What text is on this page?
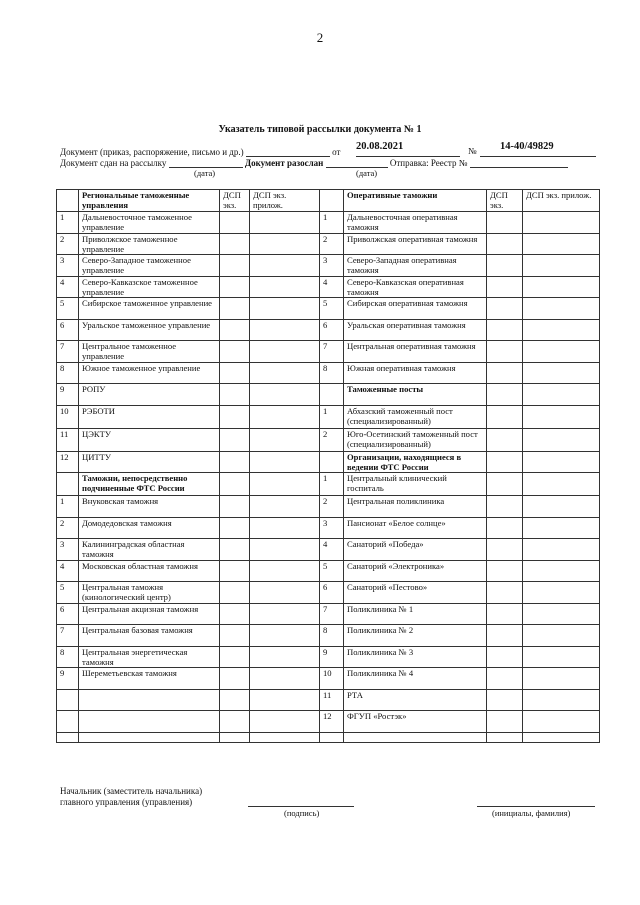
2
Указатель типовой рассылки документа № 1
Документ (приказ, распоряжение, письмо и др.)	от 20.08.2021	№ 14-40/49829
Документ сдан на рассылку	Документ разослан	Отправка: Реестр №
(дата)	(дата)
	Региональные таможенные управления	ДСП экз.	ДСП экз. прилож.		Оперативные таможни	ДСП экз.	ДСП экз. прилож.
1	Дальневосточное таможенное управление			1	Дальневосточная оперативная таможня		
2	Приволжское таможенное управление			2	Приволжская оперативная таможня		
3	Северо-Западное таможенное управление			3	Северо-Западная оперативная таможня		
4	Северо-Кавказское таможенное управление			4	Северо-Кавказская оперативная таможня		
5	Сибирское таможенное управление			5	Сибирская оперативная таможня		
6	Уральское таможенное управление			6	Уральская оперативная таможня		
7	Центральное таможенное управление			7	Центральная оперативная таможня		
8	Южное таможенное управление			8	Южная оперативная таможня		
9	РОПУ				Таможенные посты		
10	РЭБОТИ			1	Абхазский таможенный пост (специализированный)		
11	ЦЭКТУ			2	Юго-Осетинский таможенный пост (специализированный)		
12	ЦИТТУ				Организации, находящиеся в ведении ФТС России		
	Таможни, непосредственно подчиненные ФТС России			1	Центральный клинический госпиталь		
1	Внуковская таможня			2	Центральная поликлиника		
2	Домодедовская таможня			3	Пансионат «Белое солнце»		
3	Калининградская областная таможня			4	Санаторий «Победа»		
4	Московская областная таможня			5	Санаторий «Электроника»		
5	Центральная таможня (кинологический центр)			6	Санаторий «Пестово»		
6	Центральная акцизная таможня			7	Поликлиника № 1		
7	Центральная базовая таможня			8	Поликлиника № 2		
8	Центральная энергетическая таможня			9	Поликлиника № 3		
9	Шереметьевская таможня			10	Поликлиника № 4		
				11	РТА		
				12	ФГУП «Ростэк»		

Начальник (заместитель начальника)
главного управления (управления)
(подпись)	(инициалы, фамилия)
